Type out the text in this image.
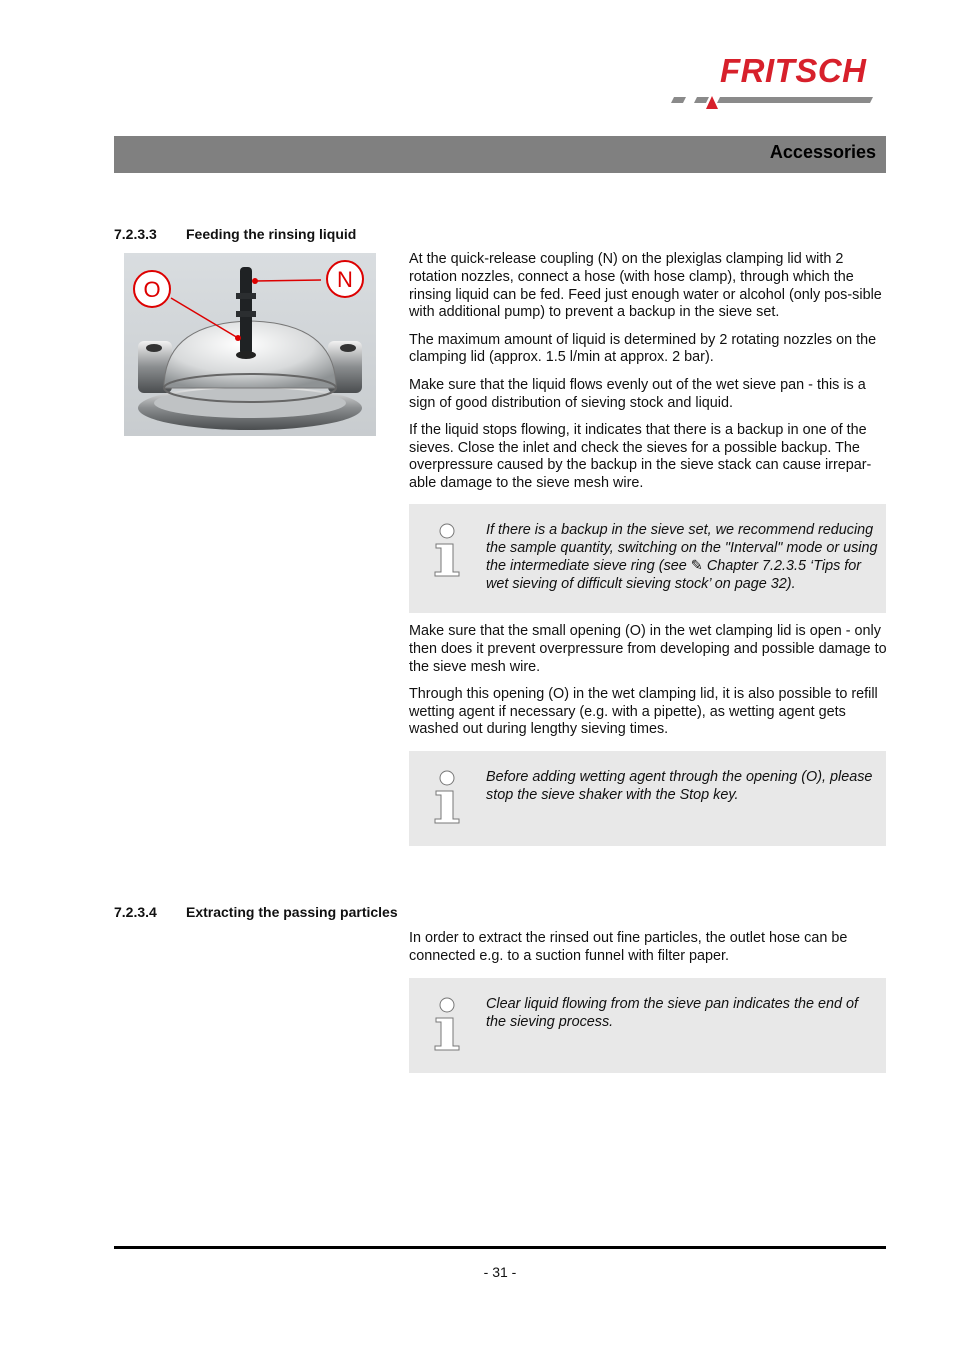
FRITSCH
Accessories
7.2.3.3 Feeding the rinsing liquid
O	N

At the quick-release coupling (N) on the plexiglas clamping lid with 2 rotation nozzles, connect a hose (with hose clamp), through which the rinsing liquid can be fed. Feed just enough water or alcohol (only pos-sible with additional pump) to prevent a backup in the sieve set.

The maximum amount of liquid is determined by 2 rotating nozzles on the clamping lid (approx. 1.5 l/min at approx. 2 bar).

Make sure that the liquid flows evenly out of the wet sieve pan - this is a sign of good distribution of sieving stock and liquid.

If the liquid stops flowing, it indicates that there is a backup in one of the sieves. Close the inlet and check the sieves for a possible backup. The overpressure caused by the backup in the sieve stack can cause irrepar-able damage to the sieve mesh wire.

If there is a backup in the sieve set, we recommend reducing the sample quantity, switching on the "Interval" mode or using the intermediate sieve ring (see ✎ Chapter 7.2.3.5 ‘Tips for wet sieving of difficult sieving stock’ on page 32).

Make sure that the small opening (O) in the wet clamping lid is open - only then does it prevent overpressure from developing and possible damage to the sieve mesh wire.

Through this opening (O) in the wet clamping lid, it is also possible to refill wetting agent if necessary (e.g. with a pipette), as wetting agent gets washed out during lengthy sieving times.

Before adding wetting agent through the opening (O), please stop the sieve shaker with the Stop key.
7.2.3.4 Extracting the passing particles

In order to extract the rinsed out fine particles, the outlet hose can be connected e.g. to a suction funnel with filter paper.

Clear liquid flowing from the sieve pan indicates the end of the sieving process.
- 31 -
